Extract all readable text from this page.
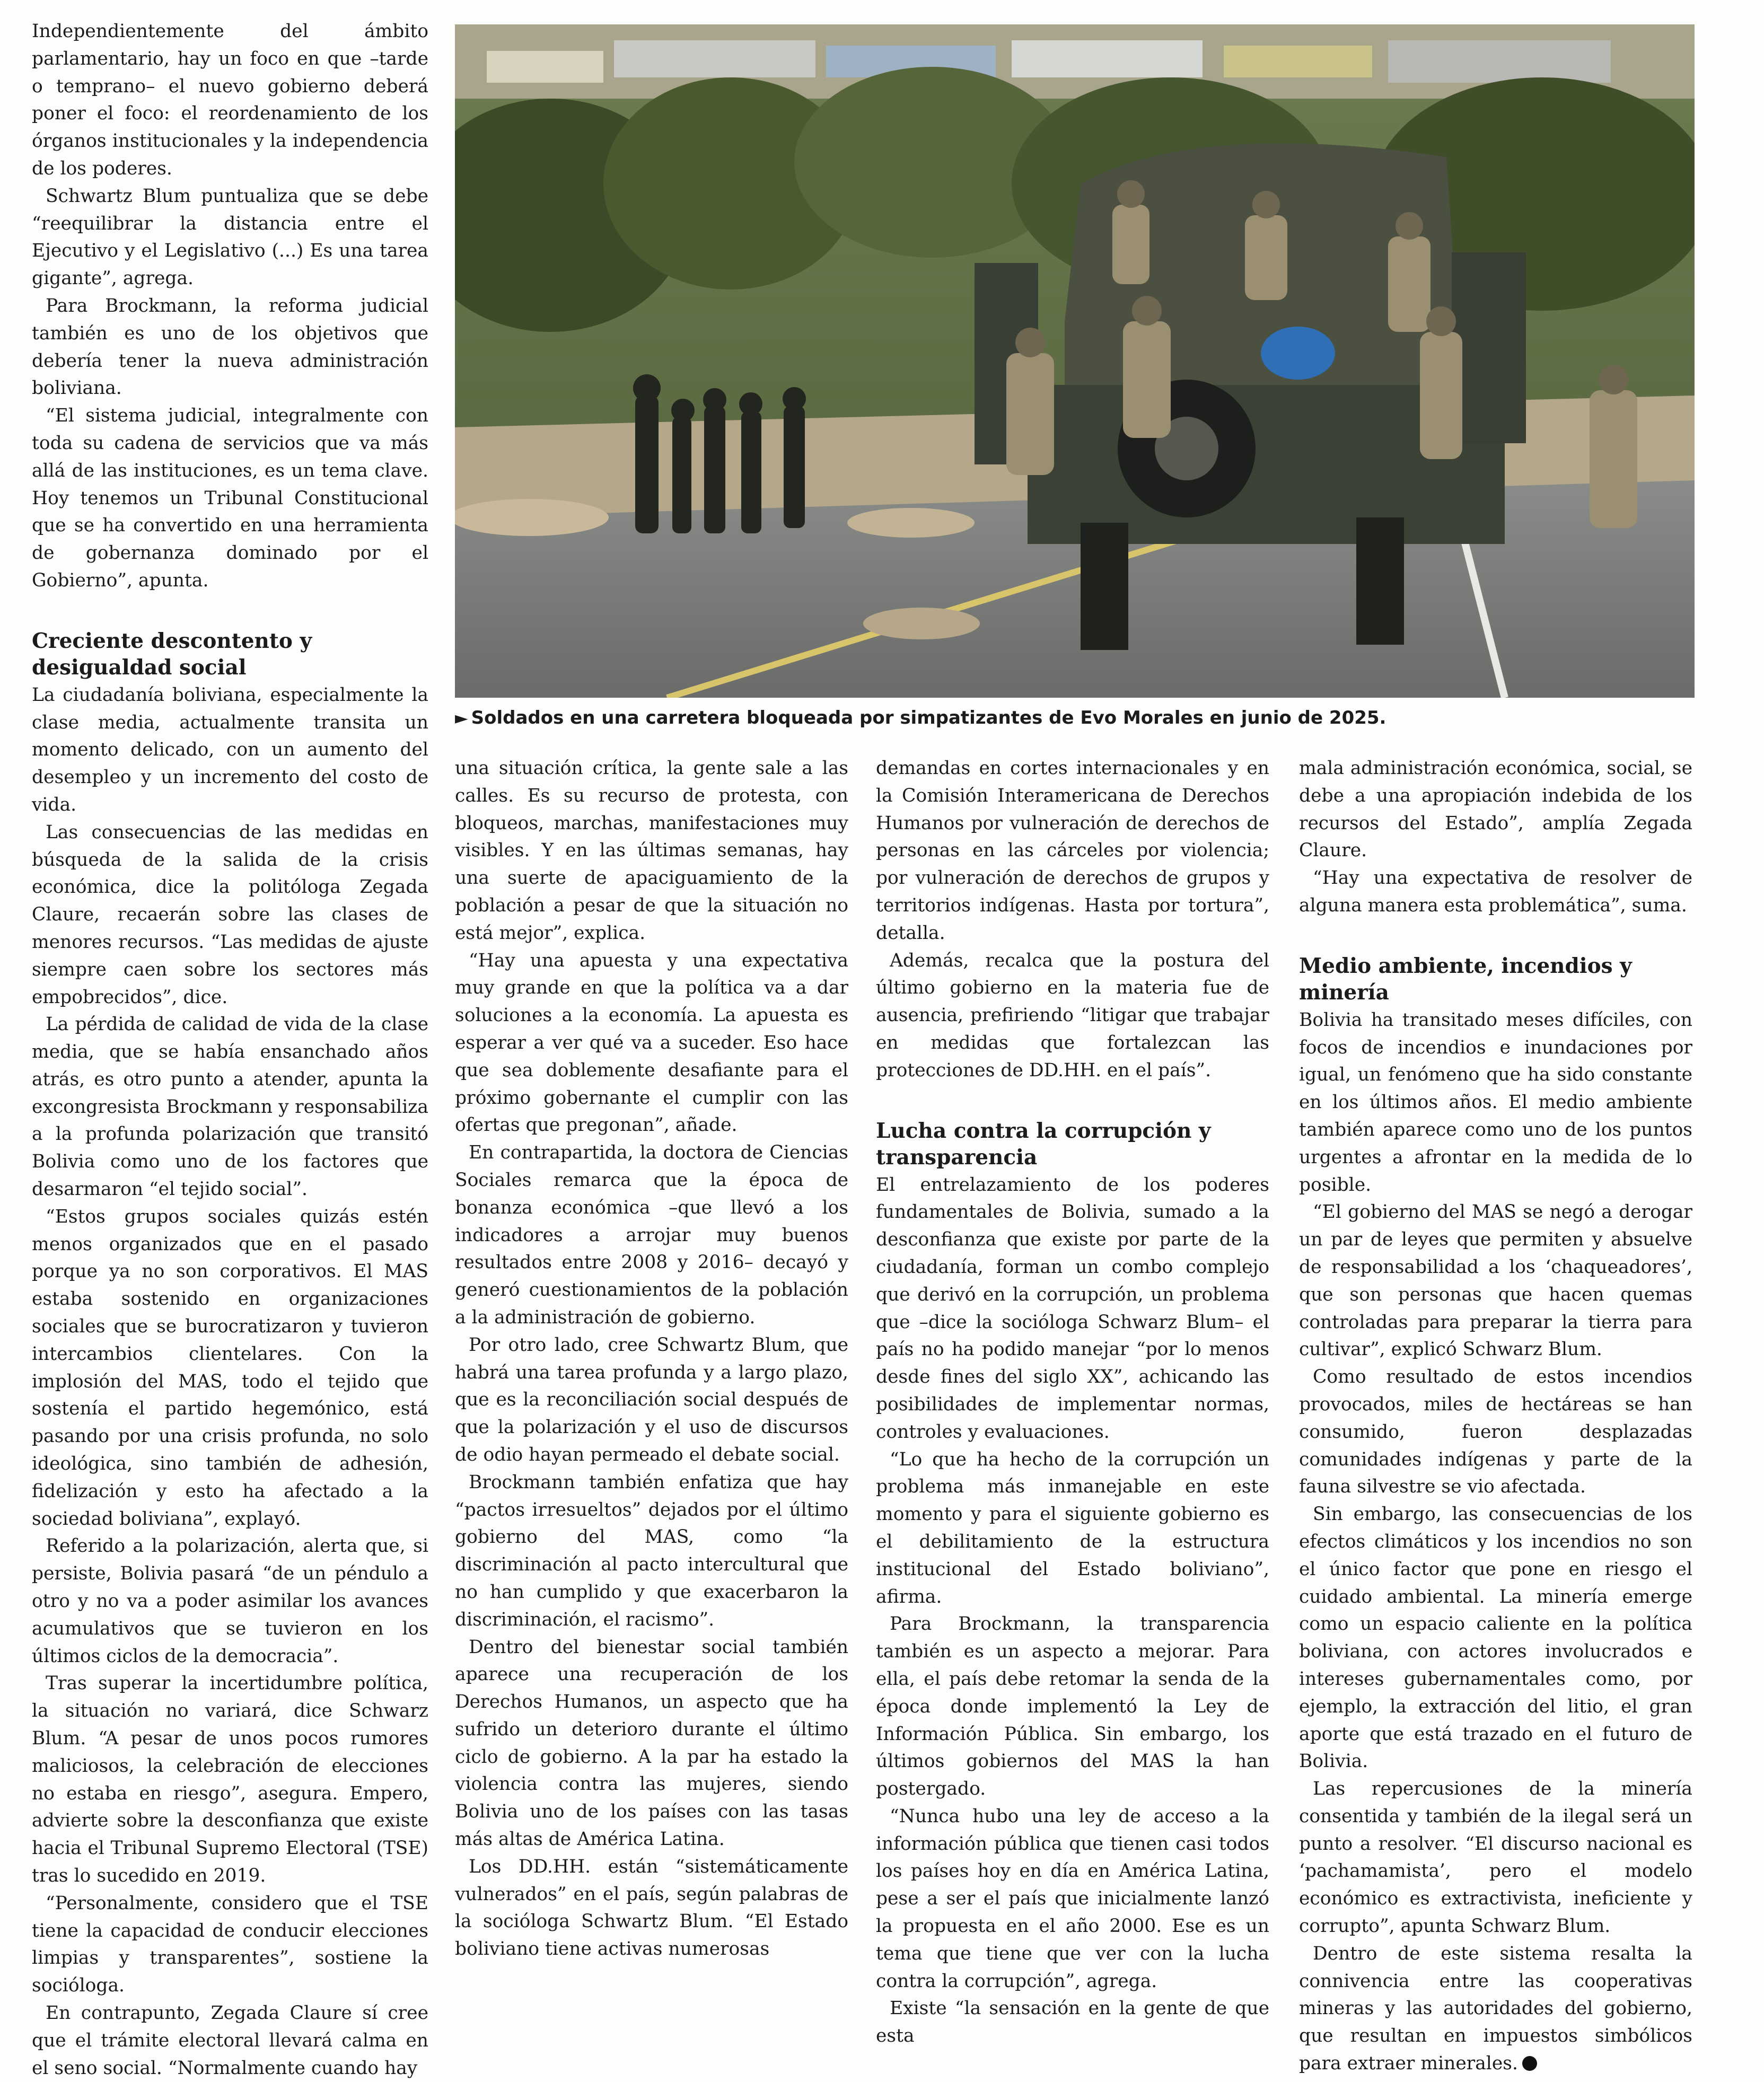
Independientemente del ámbito parlamentario, hay un foco en que –tarde o temprano– el nuevo gobierno deberá poner el foco: el reordenamiento de los órganos institucionales y la independencia de los poderes.

Schwartz Blum puntualiza que se debe “reequilibrar la distancia entre el Ejecutivo y el Legislativo (...) Es una tarea gigante”, agrega.

Para Brockmann, la reforma judicial también es uno de los objetivos que debería tener la nueva administración boliviana.

“El sistema judicial, integralmente con toda su cadena de servicios que va más allá de las instituciones, es un tema clave. Hoy tenemos un Tribunal Constitucional que se ha convertido en una herramienta de gobernanza dominado por el Gobierno”, apunta.

Creciente descontento y desigualdad social

La ciudadanía boliviana, especialmente la clase media, actualmente transita un momento delicado, con un aumento del desempleo y un incremento del costo de vida.

Las consecuencias de las medidas en búsqueda de la salida de la crisis económica, dice la politóloga Zegada Claure, recaerán sobre las clases de menores recursos. “Las medidas de ajuste siempre caen sobre los sectores más empobrecidos”, dice.

La pérdida de calidad de vida de la clase media, que se había ensanchado años atrás, es otro punto a atender, apunta la excongresista Brockmann y responsabiliza a la profunda polarización que transitó Bolivia como uno de los factores que desarmaron “el tejido social”.

“Estos grupos sociales quizás estén menos organizados que en el pasado porque ya no son corporativos. El MAS estaba sostenido en organizaciones sociales que se burocratizaron y tuvieron intercambios clientelares. Con la implosión del MAS, todo el tejido que sostenía el partido hegemónico, está pasando por una crisis profunda, no solo ideológica, sino también de adhesión, fidelización y esto ha afectado a la sociedad boliviana”, explayó.

Referido a la polarización, alerta que, si persiste, Bolivia pasará “de un péndulo a otro y no va a poder asimilar los avances acumulativos que se tuvieron en los últimos ciclos de la democracia”.

Tras superar la incertidumbre política, la situación no variará, dice Schwarz Blum. “A pesar de unos pocos rumores maliciosos, la celebración de elecciones no estaba en riesgo”, asegura. Empero, advierte sobre la desconfianza que existe hacia el Tribunal Supremo Electoral (TSE) tras lo sucedido en 2019.

“Personalmente, considero que el TSE tiene la capacidad de conducir elecciones limpias y transparentes”, sostiene la socióloga.

En contrapunto, Zegada Claure sí cree que el trámite electoral llevará calma en el seno social. “Normalmente cuando hay

► Soldados en una carretera bloqueada por simpatizantes de Evo Morales en junio de 2025.

una situación crítica, la gente sale a las calles. Es su recurso de protesta, con bloqueos, marchas, manifestaciones muy visibles. Y en las últimas semanas, hay una suerte de apaciguamiento de la población a pesar de que la situación no está mejor”, explica.

“Hay una apuesta y una expectativa muy grande en que la política va a dar soluciones a la economía. La apuesta es esperar a ver qué va a suceder. Eso hace que sea doblemente desafiante para el próximo gobernante el cumplir con las ofertas que pregonan”, añade.

En contrapartida, la doctora de Ciencias Sociales remarca que la época de bonanza económica –que llevó a los indicadores a arrojar muy buenos resultados entre 2008 y 2016– decayó y generó cuestionamientos de la población a la administración de gobierno.

Por otro lado, cree Schwartz Blum, que habrá una tarea profunda y a largo plazo, que es la reconciliación social después de que la polarización y el uso de discursos de odio hayan permeado el debate social.

Brockmann también enfatiza que hay “pactos irresueltos” dejados por el último gobierno del MAS, como “la discriminación al pacto intercultural que no han cumplido y que exacerbaron la discriminación, el racismo”.

Dentro del bienestar social también aparece una recuperación de los Derechos Humanos, un aspecto que ha sufrido un deterioro durante el último ciclo de gobierno. A la par ha estado la violencia contra las mujeres, siendo Bolivia uno de los países con las tasas más altas de América Latina.

Los DD.HH. están “sistemáticamente vulnerados” en el país, según palabras de la socióloga Schwartz Blum. “El Estado boliviano tiene activas numerosas

demandas en cortes internacionales y en la Comisión Interamericana de Derechos Humanos por vulneración de derechos de personas en las cárceles por violencia; por vulneración de derechos de grupos y territorios indígenas. Hasta por tortura”, detalla.

Además, recalca que la postura del último gobierno en la materia fue de ausencia, prefiriendo “litigar que trabajar en medidas que fortalezcan las protecciones de DD.HH. en el país”.

Lucha contra la corrupción y transparencia

El entrelazamiento de los poderes fundamentales de Bolivia, sumado a la desconfianza que existe por parte de la ciudadanía, forman un combo complejo que derivó en la corrupción, un problema que –dice la socióloga Schwarz Blum– el país no ha podido manejar “por lo menos desde fines del siglo XX”, achicando las posibilidades de implementar normas, controles y evaluaciones.

“Lo que ha hecho de la corrupción un problema más inmanejable en este momento y para el siguiente gobierno es el debilitamiento de la estructura institucional del Estado boliviano”, afirma.

Para Brockmann, la transparencia también es un aspecto a mejorar. Para ella, el país debe retomar la senda de la época donde implementó la Ley de Información Pública. Sin embargo, los últimos gobiernos del MAS la han postergado.

“Nunca hubo una ley de acceso a la información pública que tienen casi todos los países hoy en día en América Latina, pese a ser el país que inicialmente lanzó la propuesta en el año 2000. Ese es un tema que tiene que ver con la lucha contra la corrupción”, agrega.

Existe “la sensación en la gente de que esta

mala administración económica, social, se debe a una apropiación indebida de los recursos del Estado”, amplía Zegada Claure.

“Hay una expectativa de resolver de alguna manera esta problemática”, suma.

Medio ambiente, incendios y minería

Bolivia ha transitado meses difíciles, con focos de incendios e inundaciones por igual, un fenómeno que ha sido constante en los últimos años. El medio ambiente también aparece como uno de los puntos urgentes a afrontar en la medida de lo posible.

“El gobierno del MAS se negó a derogar un par de leyes que permiten y absuelve de responsabilidad a los ‘chaqueadores’, que son personas que hacen quemas controladas para preparar la tierra para cultivar”, explicó Schwarz Blum.

Como resultado de estos incendios provocados, miles de hectáreas se han consumido, fueron desplazadas comunidades indígenas y parte de la fauna silvestre se vio afectada.

Sin embargo, las consecuencias de los efectos climáticos y los incendios no son el único factor que pone en riesgo el cuidado ambiental. La minería emerge como un espacio caliente en la política boliviana, con actores involucrados e intereses gubernamentales como, por ejemplo, la extracción del litio, el gran aporte que está trazado en el futuro de Bolivia.

Las repercusiones de la minería consentida y también de la ilegal será un punto a resolver. “El discurso nacional es ‘pachamamista’, pero el modelo económico es extractivista, ineficiente y corrupto”, apunta Schwarz Blum.

Dentro de este sistema resalta la connivencia entre las cooperativas mineras y las autoridades del gobierno, que resultan en impuestos simbólicos para extraer minerales.
